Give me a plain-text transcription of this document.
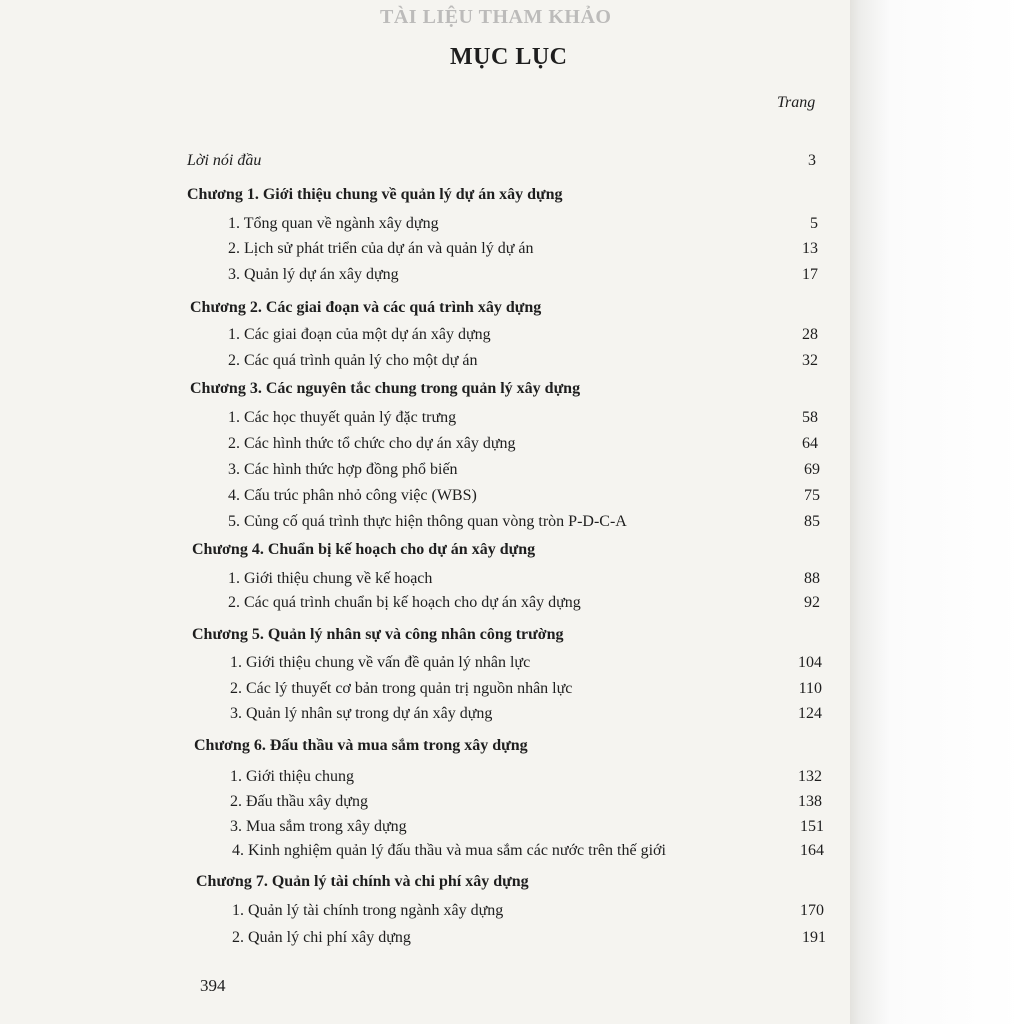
TÀI LIỆU THAM KHẢO
MỤC LỤC
Trang
394
Lời nói đầu	3
Chương 1. Giới thiệu chung về quản lý dự án xây dựng
1. Tổng quan về ngành xây dựng	5
2. Lịch sử phát triển của dự án và quản lý dự án	13
3. Quản lý dự án xây dựng	17
Chương 2. Các giai đoạn và các quá trình xây dựng
1. Các giai đoạn của một dự án xây dựng	28
2. Các quá trình quản lý cho một dự án	32
Chương 3. Các nguyên tắc chung trong quản lý xây dựng
1. Các học thuyết quản lý đặc trưng	58
2. Các hình thức tổ chức cho dự án xây dựng	64
3. Các hình thức hợp đồng phổ biến	69
4. Cấu trúc phân nhỏ công việc (WBS)	75
5. Củng cố quá trình thực hiện thông quan vòng tròn P-D-C-A	85
Chương 4. Chuẩn bị kế hoạch cho dự án xây dựng
1. Giới thiệu chung về kế hoạch	88
2. Các quá trình chuẩn bị kế hoạch cho dự án xây dựng	92
Chương 5. Quản lý nhân sự và công nhân công trường
1. Giới thiệu chung về vấn đề quản lý nhân lực	104
2. Các lý thuyết cơ bản trong quản trị nguồn nhân lực	110
3. Quản lý nhân sự trong dự án xây dựng	124
Chương 6. Đấu thầu và mua sắm trong xây dựng
1. Giới thiệu chung	132
2. Đấu thầu xây dựng	138
3. Mua sắm trong xây dựng	151
4. Kinh nghiệm quản lý đấu thầu và mua sắm các nước trên thế giới	164
Chương 7. Quản lý tài chính và chi phí xây dựng
1. Quản lý tài chính trong ngành xây dựng	170
2. Quản lý chi phí xây dựng	191
